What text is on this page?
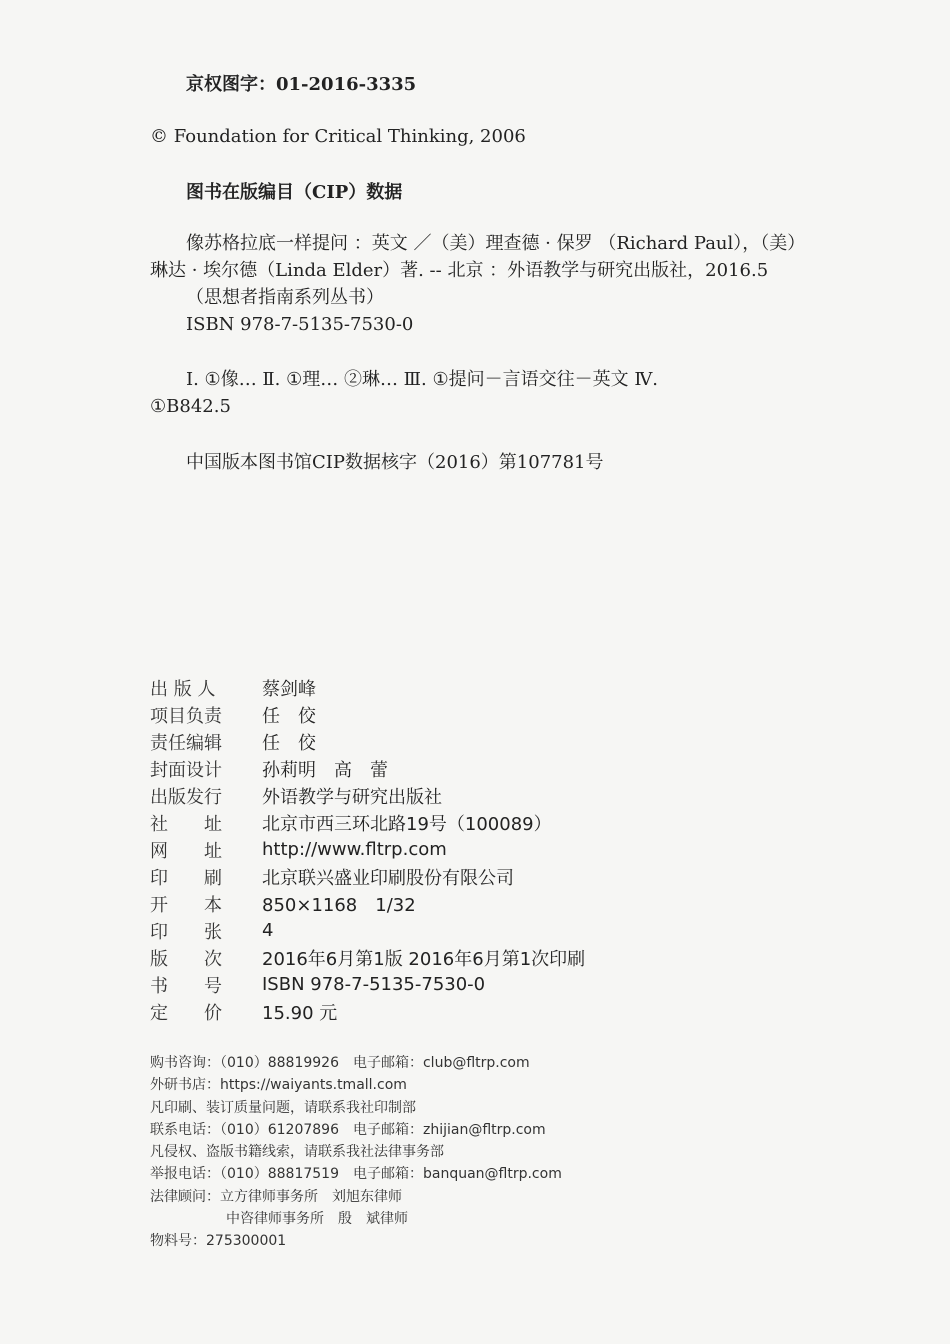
京权图字：01-2016-3335
© Foundation for Critical Thinking, 2006
图书在版编目（CIP）数据
像苏格拉底一样提问 ：英文 ／（美）理查德 · 保罗 （Richard Paul），（美）
琳达 · 埃尔德（Linda Elder）著. -- 北京 ：外语教学与研究出版社，2016.5
（思想者指南系列丛书）
ISBN 978-7-5135-7530-0
Ⅰ. ①像… Ⅱ. ①理… ②琳… Ⅲ. ①提问－言语交往－英文 Ⅳ.
①B842.5
中国版本图书馆CIP数据核字（2016）第107781号
出 版 人	蔡剑峰
项目负责	任　佼
责任编辑	任　佼
封面设计	孙莉明　高　蕾
出版发行	外语教学与研究出版社
社　　址	北京市西三环北路19号（100089）
网　　址	http://www.fltrp.com
印　　刷	北京联兴盛业印刷股份有限公司
开　　本	850×1168　1/32
印　　张	4
版　　次	2016年6月第1版 2016年6月第1次印刷
书　　号	ISBN 978-7-5135-7530-0
定　　价	15.90 元
购书咨询：（010）88819926　电子邮箱：club@fltrp.com
外研书店：https://waiyants.tmall.com
凡印刷、装订质量问题，请联系我社印制部
联系电话：（010）61207896　电子邮箱：zhijian@fltrp.com
凡侵权、盗版书籍线索，请联系我社法律事务部
举报电话：（010）88817519　电子邮箱：banquan@fltrp.com
法律顾问：立方律师事务所　刘旭东律师
中咨律师事务所　殷　斌律师
物料号：275300001
